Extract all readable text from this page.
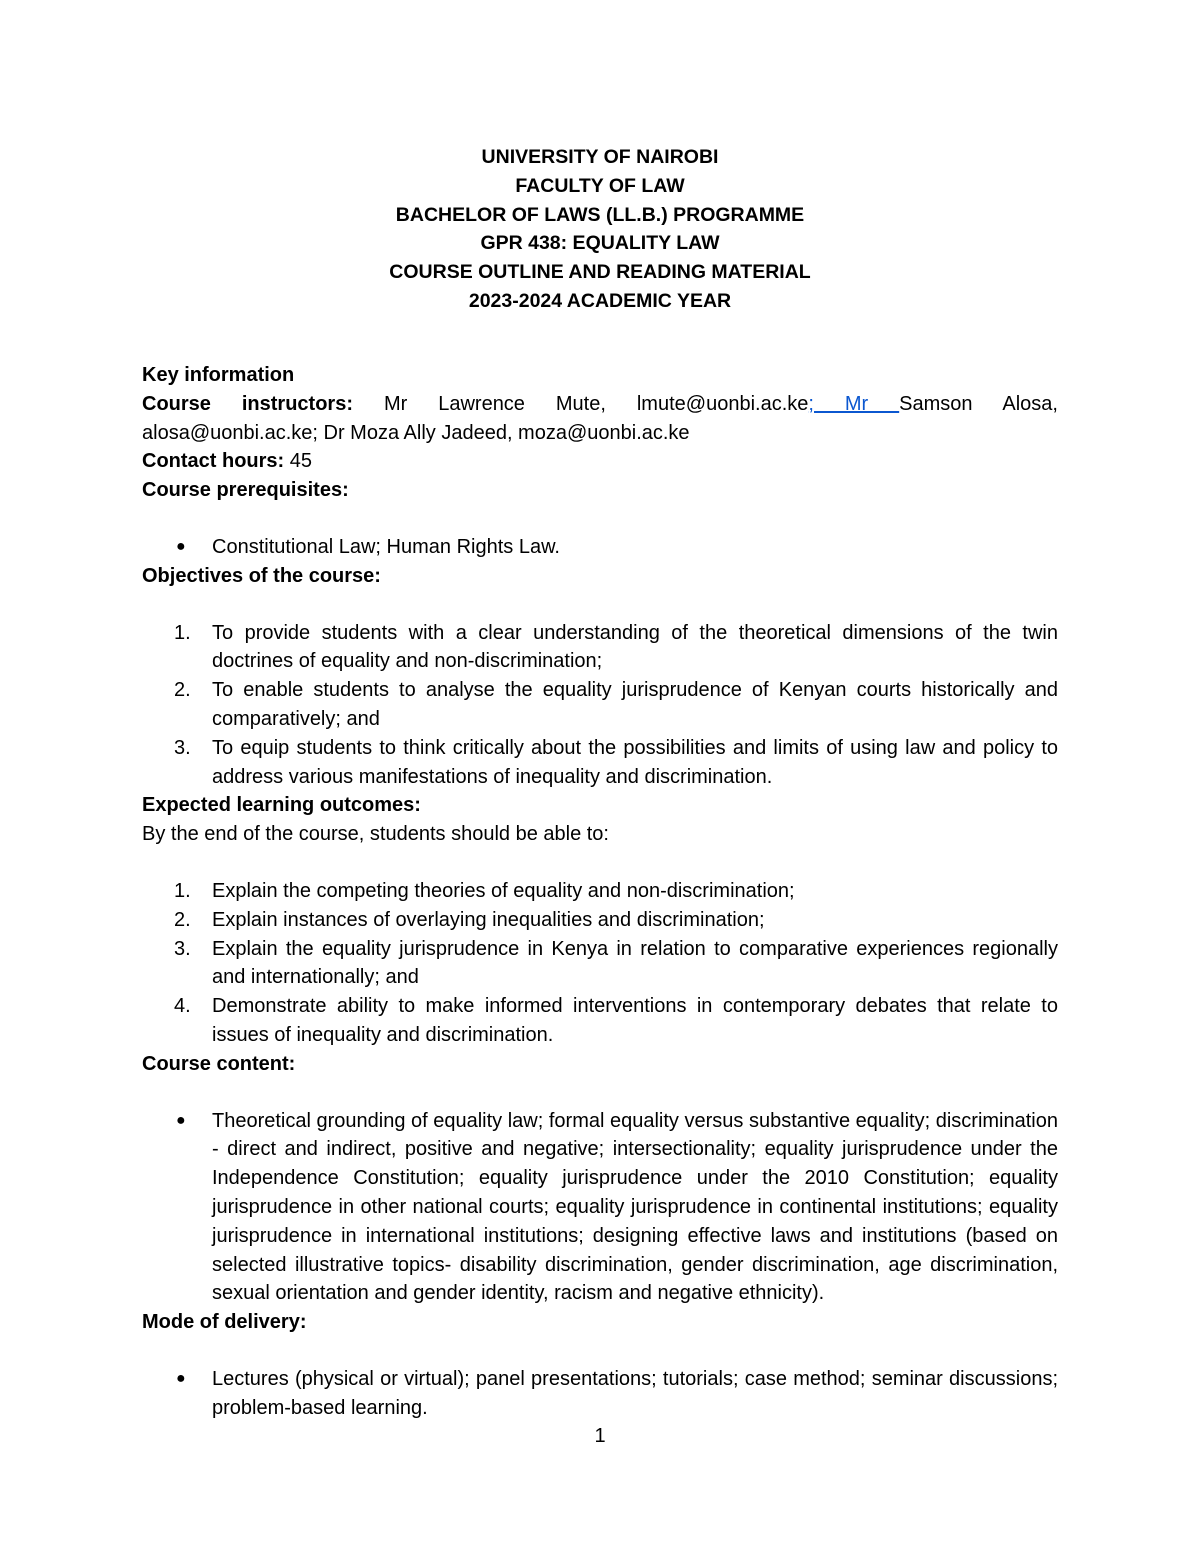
UNIVERSITY OF NAIROBI
FACULTY OF LAW
BACHELOR OF LAWS (LL.B.) PROGRAMME
GPR 438: EQUALITY LAW
COURSE OUTLINE AND READING MATERIAL
2023-2024 ACADEMIC YEAR

Key information

Course instructors: Mr Lawrence Mute, lmute@uonbi.ac.ke; Mr Samson Alosa,

alosa@uonbi.ac.ke; Dr Moza Ally Jadeed, moza@uonbi.ac.ke

Contact hours: 45

Course prerequisites:

● Constitutional Law; Human Rights Law.

Objectives of the course:

1. To provide students with a clear understanding of the theoretical dimensions of the twin doctrines of equality and non-discrimination;
2. To enable students to analyse the equality jurisprudence of Kenyan courts historically and comparatively; and
3. To equip students to think critically about the possibilities and limits of using law and policy to address various manifestations of inequality and discrimination.

Expected learning outcomes:

By the end of the course, students should be able to:

1. Explain the competing theories of equality and non-discrimination;
2. Explain instances of overlaying inequalities and discrimination;
3. Explain the equality jurisprudence in Kenya in relation to comparative experiences regionally and internationally; and
4. Demonstrate ability to make informed interventions in contemporary debates that relate to issues of inequality and discrimination.

Course content:

● Theoretical grounding of equality law; formal equality versus substantive equality; discrimination - direct and indirect, positive and negative; intersectionality; equality jurisprudence under the Independence Constitution; equality jurisprudence under the 2010 Constitution; equality jurisprudence in other national courts; equality jurisprudence in continental institutions; equality jurisprudence in international institutions; designing effective laws and institutions (based on selected illustrative topics- disability discrimination, gender discrimination, age discrimination, sexual orientation and gender identity, racism and negative ethnicity).

Mode of delivery:

● Lectures (physical or virtual); panel presentations; tutorials; case method; seminar discussions; problem-based learning.
1
